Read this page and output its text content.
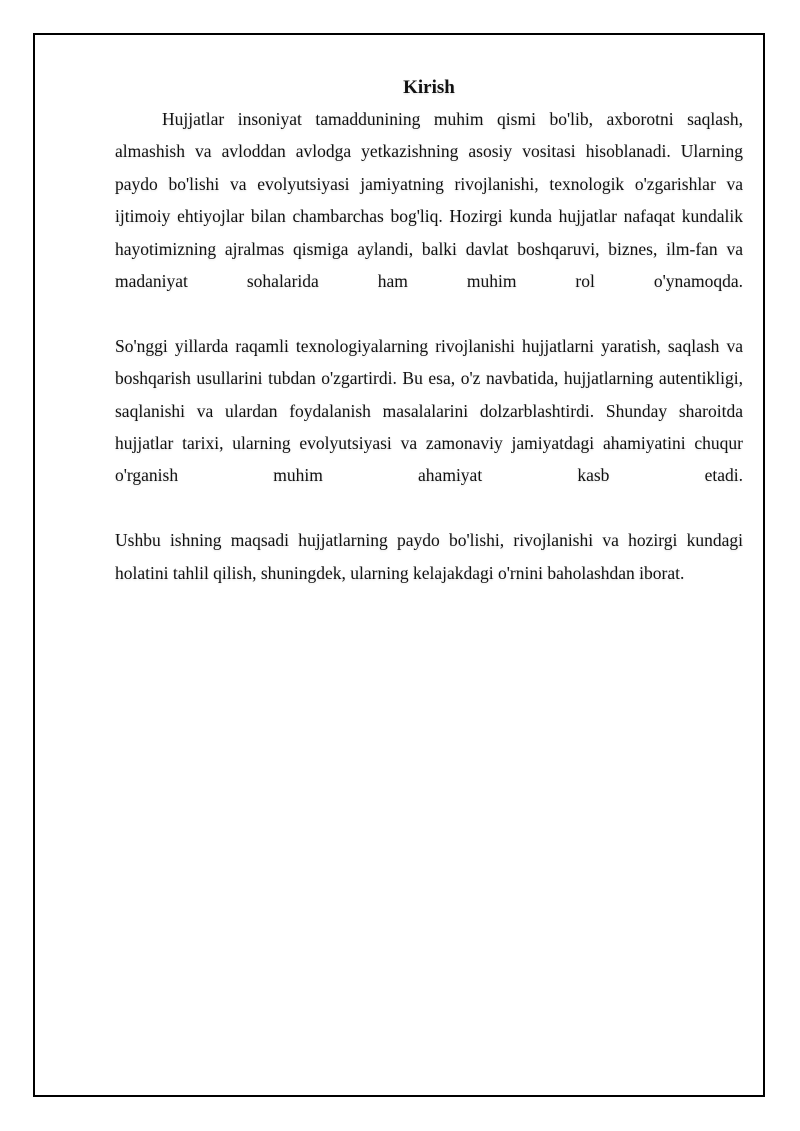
Kirish

Hujjatlar insoniyat tamaddunining muhim qismi bo'lib, axborotni saqlash, almashish va avloddan avlodga yetkazishning asosiy vositasi hisoblanadi. Ularning paydo bo'lishi va evolyutsiyasi jamiyatning rivojlanishi, texnologik o'zgarishlar va ijtimoiy ehtiyojlar bilan chambarchas bog'liq. Hozirgi kunda hujjatlar nafaqat kundalik hayotimizning ajralmas qismiga aylandi, balki davlat boshqaruvi, biznes, ilm-fan va madaniyat sohalarida ham muhim rol o'ynamoqda.

So'nggi yillarda raqamli texnologiyalarning rivojlanishi hujjatlarni yaratish, saqlash va boshqarish usullarini tubdan o'zgartirdi. Bu esa, o'z navbatida, hujjatlarning autentikligi, saqlanishi va ulardan foydalanish masalalarini dolzarblashtirdi. Shunday sharoitda hujjatlar tarixi, ularning evolyutsiyasi va zamonaviy jamiyatdagi ahamiyatini chuqur o'rganish muhim ahamiyat kasb etadi.

Ushbu ishning maqsadi hujjatlarning paydo bo'lishi, rivojlanishi va hozirgi kundagi holatini tahlil qilish, shuningdek, ularning kelajakdagi o'rnini baholashdan iborat.
